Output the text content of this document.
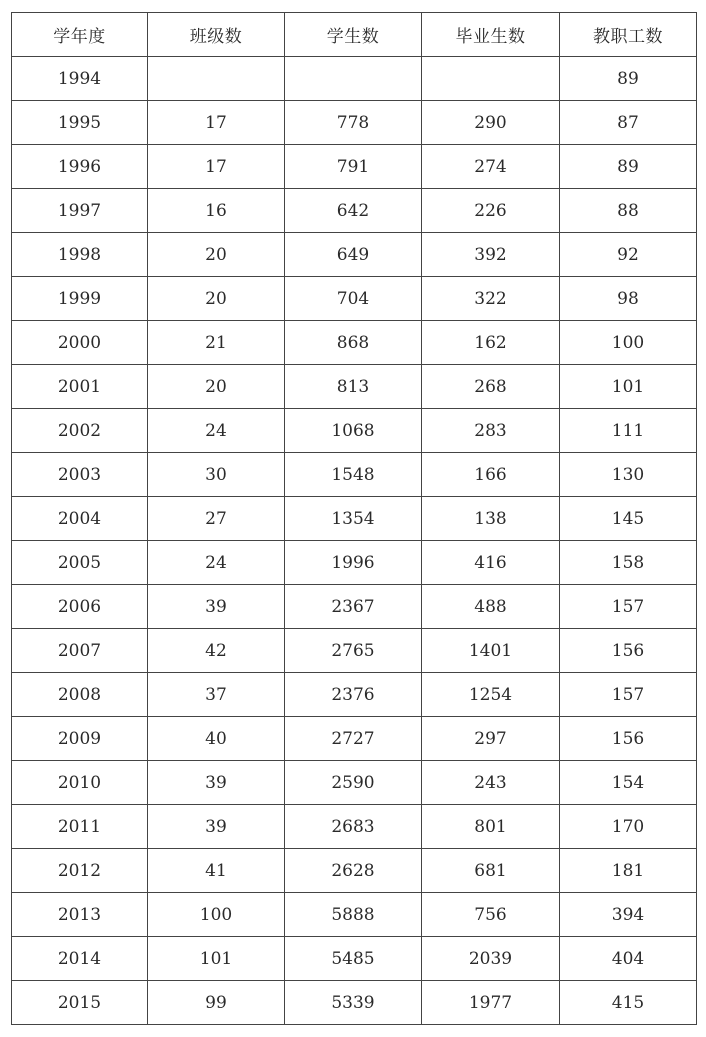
学年度	班级数	学生数	毕业生数	教职工数
1994				89
1995	17	778	290	87
1996	17	791	274	89
1997	16	642	226	88
1998	20	649	392	92
1999	20	704	322	98
2000	21	868	162	100
2001	20	813	268	101
2002	24	1068	283	111
2003	30	1548	166	130
2004	27	1354	138	145
2005	24	1996	416	158
2006	39	2367	488	157
2007	42	2765	1401	156
2008	37	2376	1254	157
2009	40	2727	297	156
2010	39	2590	243	154
2011	39	2683	801	170
2012	41	2628	681	181
2013	100	5888	756	394
2014	101	5485	2039	404
2015	99	5339	1977	415
